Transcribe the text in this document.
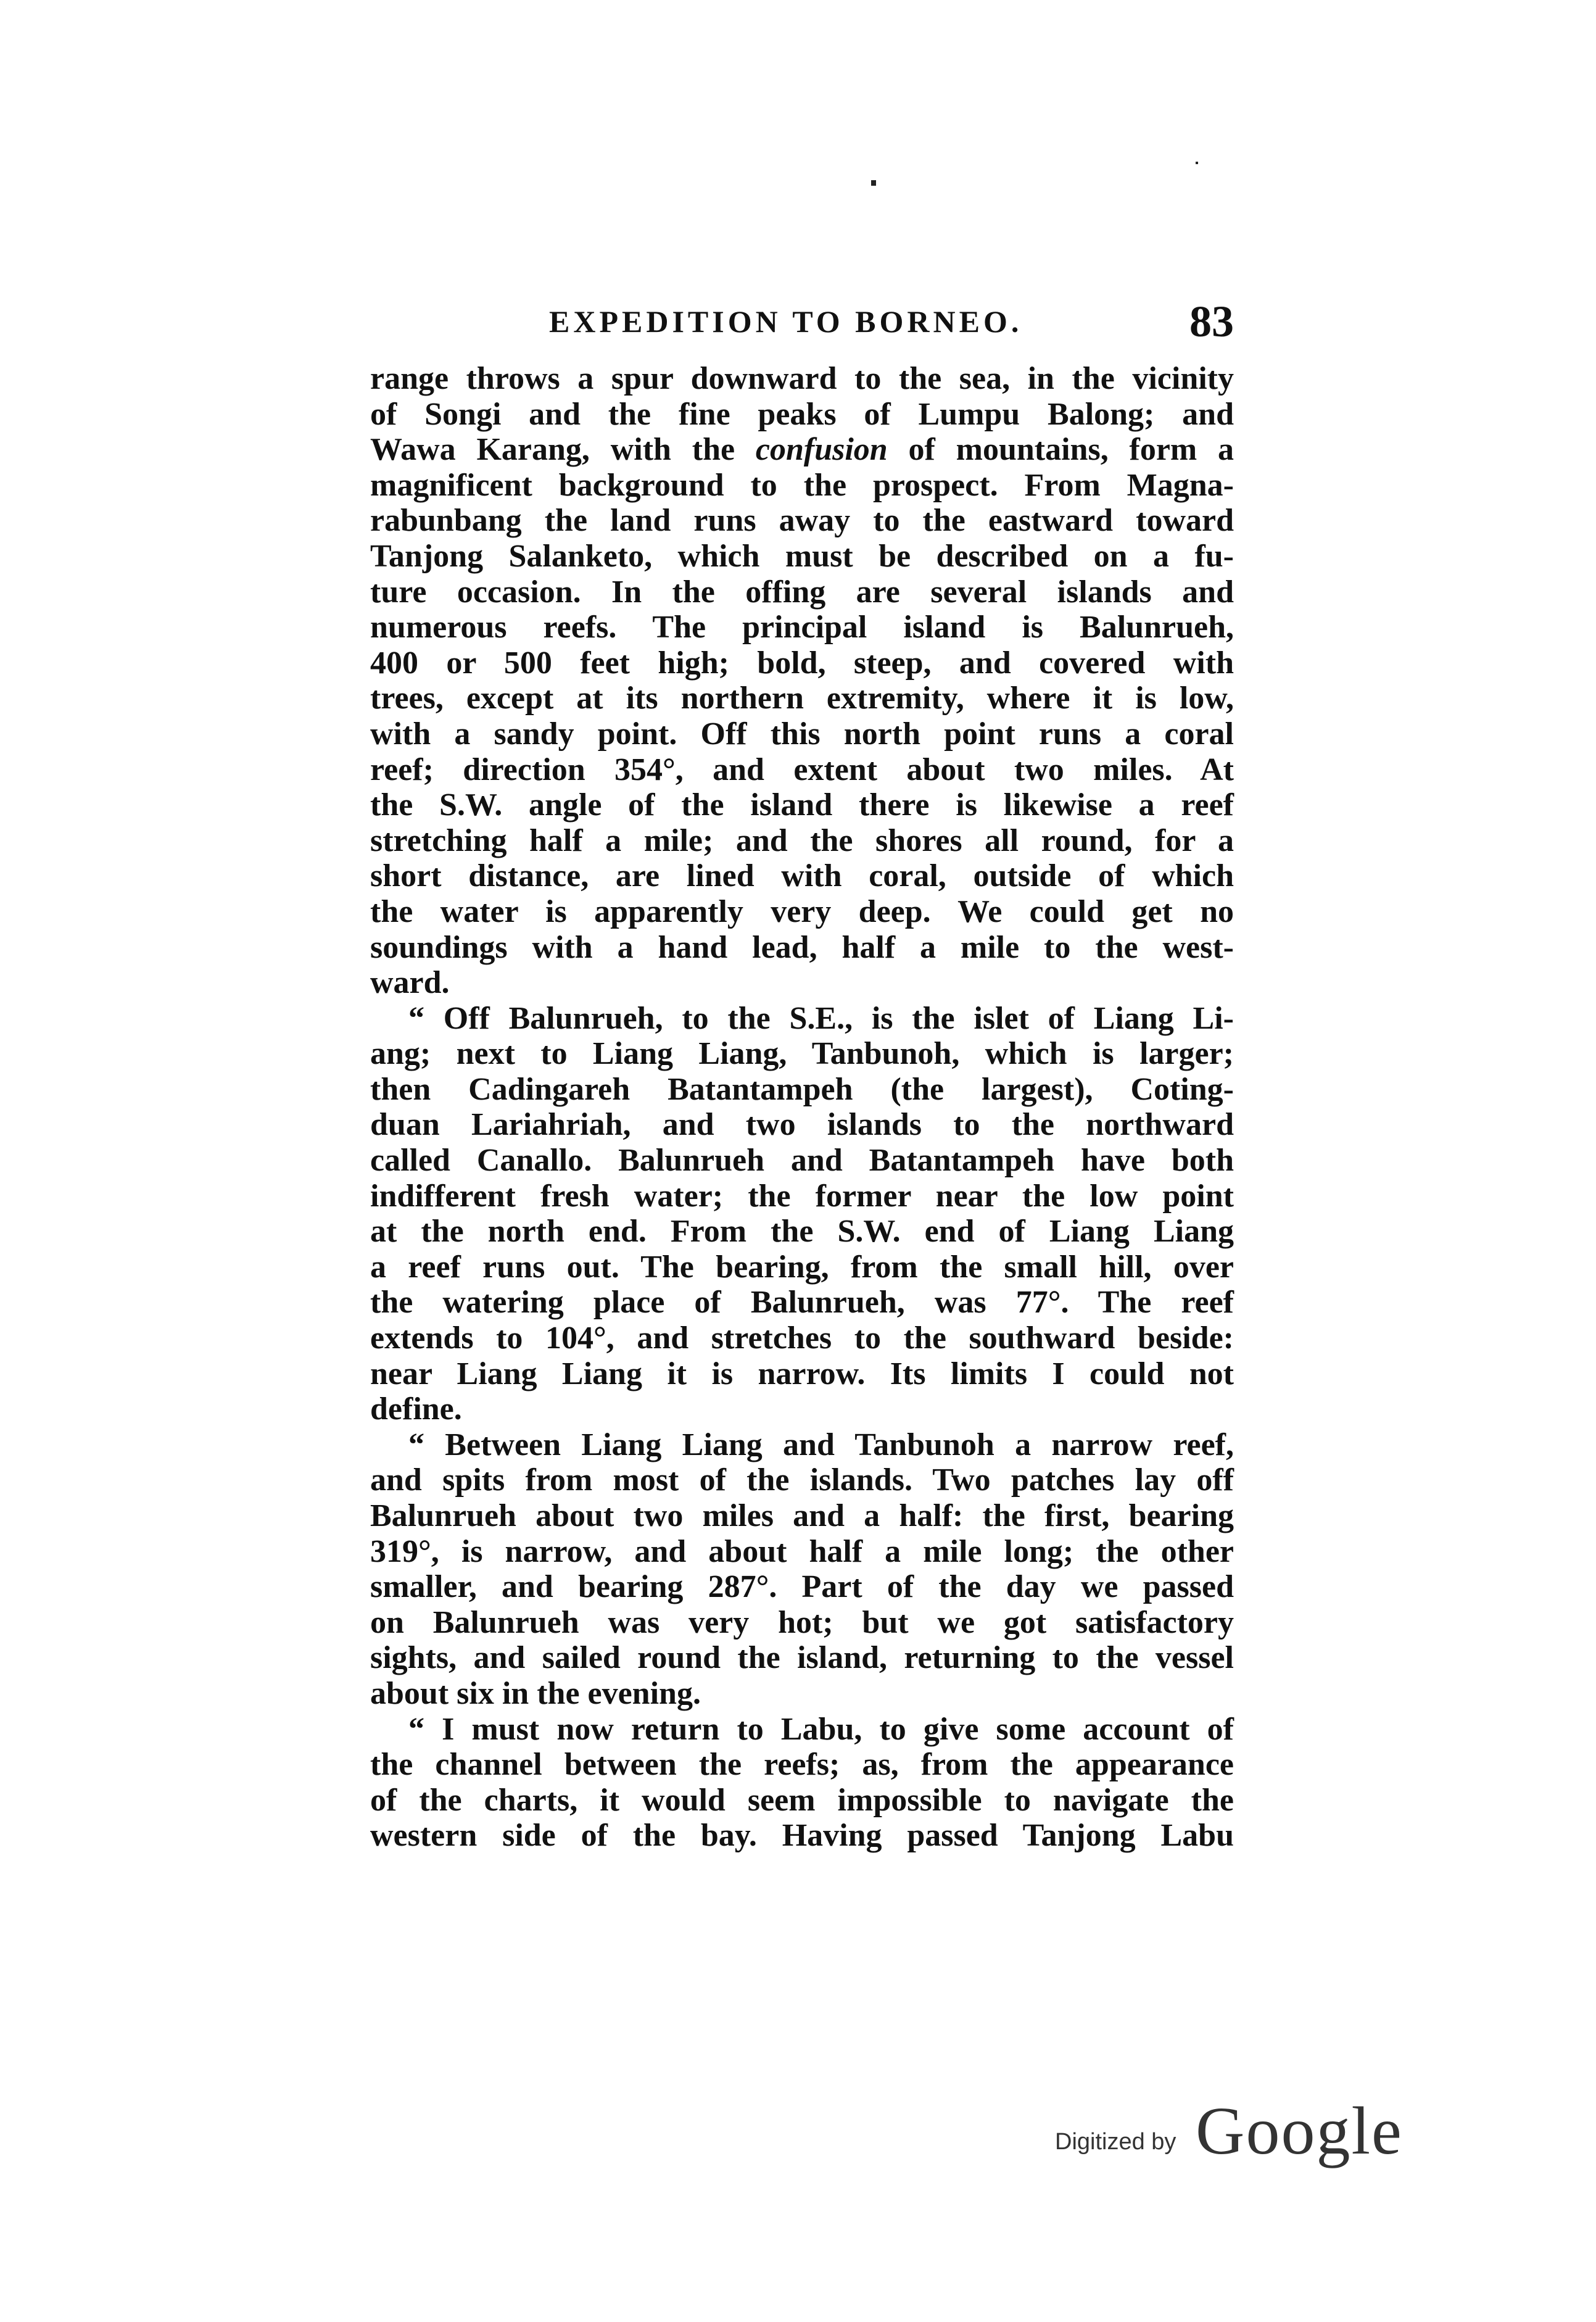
EXPEDITION TO BORNEO.	83
range throws a spur downward to the sea, in the vicinity
of Songi and the fine peaks of Lumpu Balong; and
Wawa Karang, with the confusion of mountains, form a
magnificent background to the prospect. From Magna-
rabunbang the land runs away to the eastward toward
Tanjong Salanketo, which must be described on a fu-
ture occasion. In the offing are several islands and
numerous reefs. The principal island is Balunrueh,
400 or 500 feet high; bold, steep, and covered with
trees, except at its northern extremity, where it is low,
with a sandy point. Off this north point runs a coral
reef; direction 354°, and extent about two miles. At
the S.W. angle of the island there is likewise a reef
stretching half a mile; and the shores all round, for a
short distance, are lined with coral, outside of which
the water is apparently very deep. We could get no
soundings with a hand lead, half a mile to the west-
ward.
“ Off Balunrueh, to the S.E., is the islet of Liang Li-
ang; next to Liang Liang, Tanbunoh, which is larger;
then Cadingareh Batantampeh (the largest), Coting-
duan Lariahriah, and two islands to the northward
called Canallo. Balunrueh and Batantampeh have both
indifferent fresh water; the former near the low point
at the north end. From the S.W. end of Liang Liang
a reef runs out. The bearing, from the small hill, over
the watering place of Balunrueh, was 77°. The reef
extends to 104°, and stretches to the southward beside:
near Liang Liang it is narrow. Its limits I could not
define.
“ Between Liang Liang and Tanbunoh a narrow reef,
and spits from most of the islands. Two patches lay off
Balunrueh about two miles and a half: the first, bearing
319°, is narrow, and about half a mile long; the other
smaller, and bearing 287°. Part of the day we passed
on Balunrueh was very hot; but we got satisfactory
sights, and sailed round the island, returning to the vessel
about six in the evening.
“ I must now return to Labu, to give some account of
the channel between the reefs; as, from the appearance
of the charts, it would seem impossible to navigate the
western side of the bay. Having passed Tanjong Labu
Digitized by Google
